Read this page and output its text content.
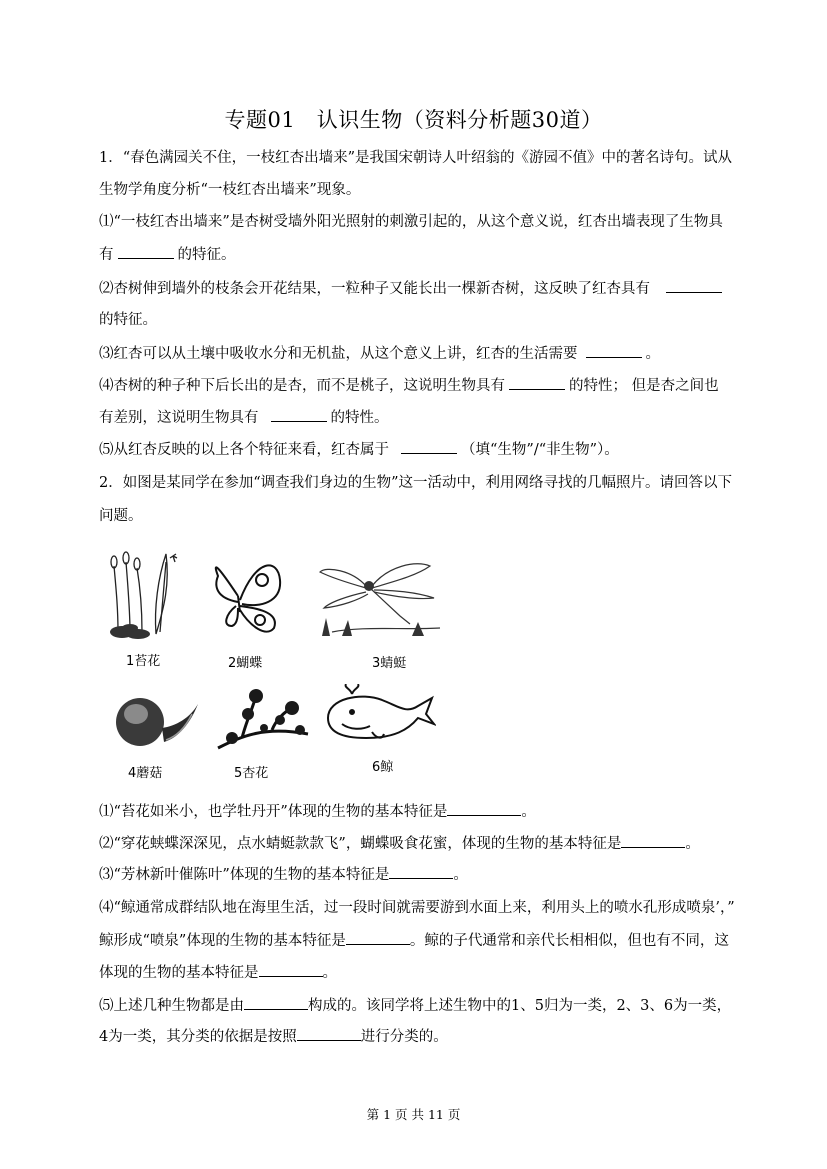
专题01　认识生物（资料分析题30道）
1．“春色满园关不住，一枝红杏出墙来”是我国宋朝诗人叶绍翁的《游园不值》中的著名诗句。试从
生物学角度分析“一枝红杏出墙来”现象。
⑴“一枝红杏出墙来”是杏树受墙外阳光照射的刺激引起的，从这个意义说，红杏出墙表现了生物具
有	的特征。
⑵杏树伸到墙外的枝条会开花结果，一粒种子又能长出一棵新杏树，这反映了红杏具有
的特征。
⑶红杏可以从土壤中吸收水分和无机盐，从这个意义上讲，红杏的生活需要	。
⑷杏树的种子种下后长出的是杏，而不是桃子，这说明生物具有	的特性； 但是杏之间也
有差别，这说明生物具有	的特性。
⑸从红杏反映的以上各个特征来看，红杏属于	（填“生物”/“非生物”）。
2．如图是某同学在参加“调查我们身边的生物”这一活动中，利用网络寻找的几幅照片。请回答以下
问题。
1苔花	2蝴蝶	3蜻蜓
4蘑菇	5杏花	6鲸
⑴“苔花如米小，也学牡丹开”体现的生物的基本特征是	。
⑵“穿花蛱蝶深深见，点水蜻蜓款款飞”，蝴蝶吸食花蜜，体现的生物的基本特征是	。
⑶“芳林新叶催陈叶”体现的生物的基本特征是	。
⑷“鲸通常成群结队地在海里生活，过一段时间就需要游到水面上来，利用头上的喷水孔形成喷泉’，”
鲸形成“喷泉”体现的生物的基本特征是	。鲸的子代通常和亲代长相相似，但也有不同，这
体现的生物的基本特征是	。
⑸上述几种生物都是由	构成的。该同学将上述生物中的1、5归为一类，2、3、6为一类，
4为一类，其分类的依据是按照	进行分类的。
第 1 页 共 11 页
